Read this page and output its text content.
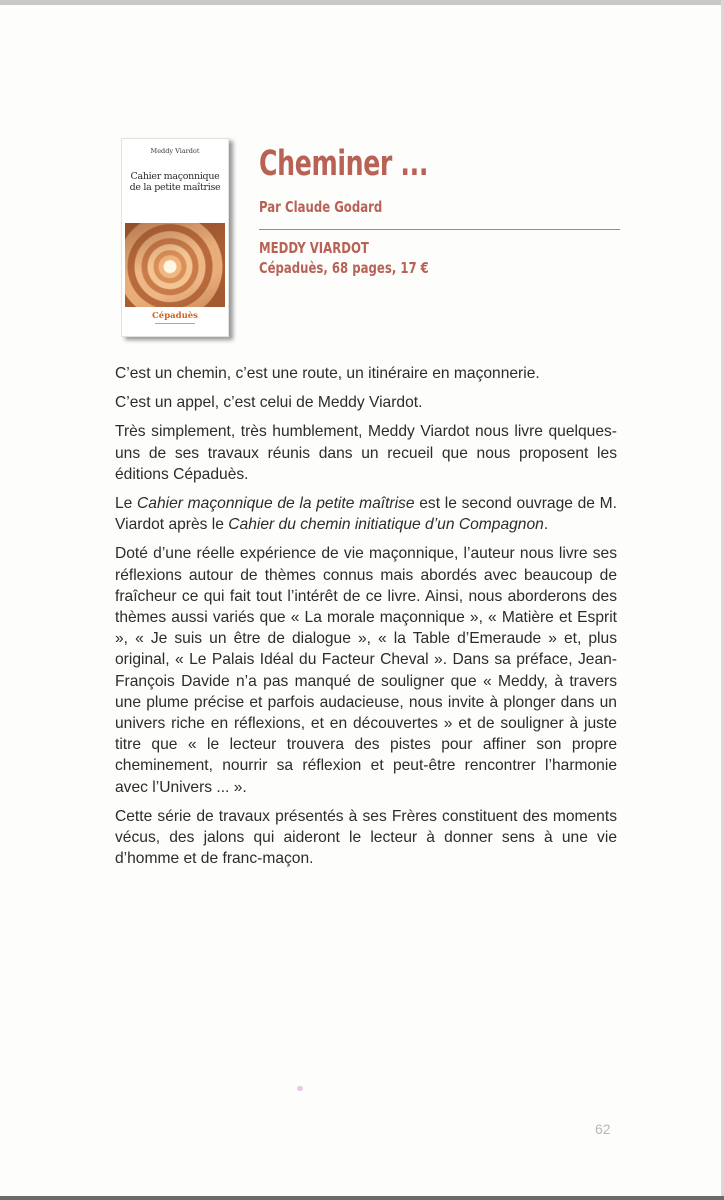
Meddy Viardot
Cahier maçonnique de la petite maîtrise
Cépaduès
Cheminer ...
Par Claude Godard
MEDDY VIARDOT
Cépaduès, 68 pages, 17 €

C’est un chemin, c’est une route, un itinéraire en maçonnerie.

C’est un appel, c’est celui de Meddy Viardot.

Très simplement, très humblement, Meddy Viardot nous livre quelques-uns de ses travaux réunis dans un recueil que nous proposent les éditions Cépaduès.

Le Cahier maçonnique de la petite maîtrise est le second ouvrage de M. Viardot après le Cahier du chemin initiatique d’un Compagnon.

Doté d’une réelle expérience de vie maçonnique, l’auteur nous livre ses réflexions autour de thèmes connus mais abordés avec beaucoup de fraîcheur ce qui fait tout l’intérêt de ce livre. Ainsi, nous aborderons des thèmes aussi variés que « La morale maçonnique », « Matière et Esprit », « Je suis un être de dialogue », « la Table d’Emeraude » et, plus original, « Le Palais Idéal du Facteur Cheval ». Dans sa préface, Jean-François Davide n’a pas manqué de souligner que « Meddy, à travers une plume précise et parfois audacieuse, nous invite à plonger dans un univers riche en réflexions, et en découvertes » et de souligner à juste titre que « le lecteur trouvera des pistes pour affiner son propre cheminement, nourrir sa réflexion et peut-être rencontrer l’harmonie avec l’Univers ... ».

Cette série de travaux présentés à ses Frères constituent des moments vécus, des jalons qui aideront le lecteur à donner sens à une vie d’homme et de franc-maçon.

62
